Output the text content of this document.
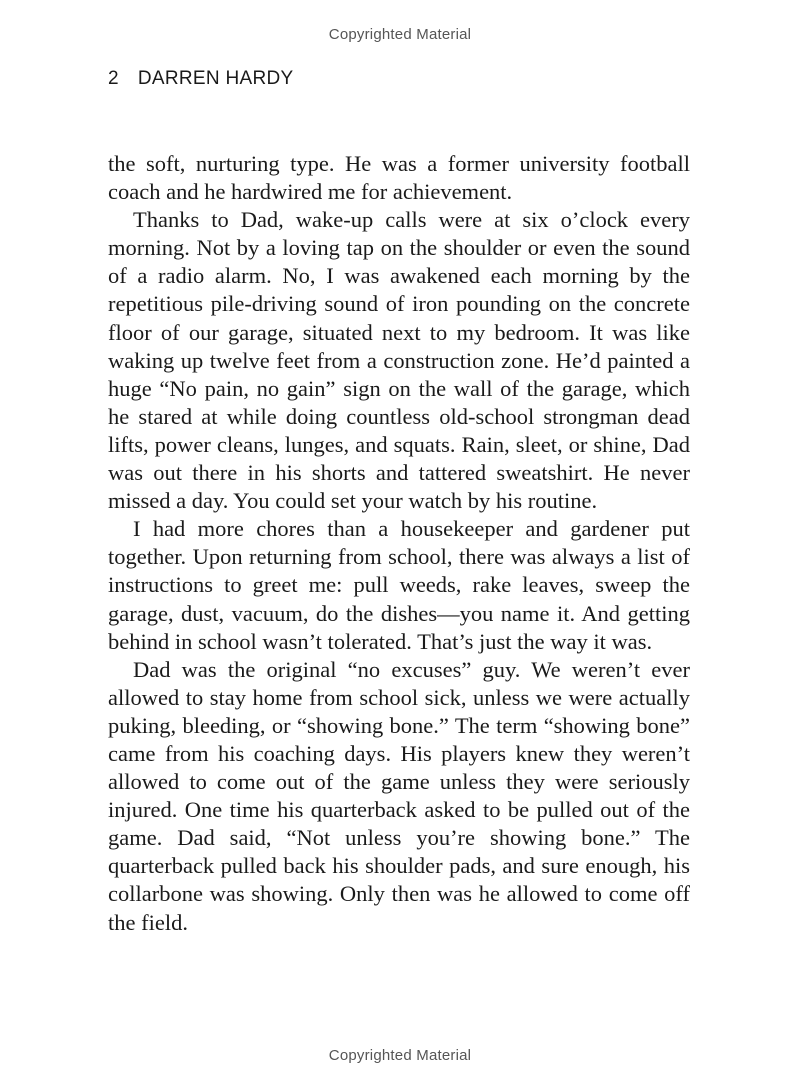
Copyrighted Material
2 DARREN HARDY

the soft, nurturing type. He was a former university football coach and he hardwired me for achievement.

Thanks to Dad, wake-up calls were at six o’clock every morning. Not by a loving tap on the shoulder or even the sound of a radio alarm. No, I was awakened each morning by the repetitious pile-driving sound of iron pounding on the concrete floor of our garage, situated next to my bedroom. It was like waking up twelve feet from a construction zone. He’d painted a huge “No pain, no gain” sign on the wall of the garage, which he stared at while doing countless old-school strongman dead lifts, power cleans, lunges, and squats. Rain, sleet, or shine, Dad was out there in his shorts and tattered sweatshirt. He never missed a day. You could set your watch by his routine.

I had more chores than a housekeeper and gardener put together. Upon returning from school, there was always a list of instructions to greet me: pull weeds, rake leaves, sweep the garage, dust, vacuum, do the dishes—you name it. And getting behind in school wasn’t tolerated. That’s just the way it was.

Dad was the original “no excuses” guy. We weren’t ever allowed to stay home from school sick, unless we were actually puking, bleeding, or “showing bone.” The term “showing bone” came from his coaching days. His players knew they weren’t allowed to come out of the game unless they were seriously injured. One time his quarterback asked to be pulled out of the game. Dad said, “Not unless you’re showing bone.” The quarterback pulled back his shoulder pads, and sure enough, his collarbone was showing. Only then was he allowed to come off the field.

Copyrighted Material
